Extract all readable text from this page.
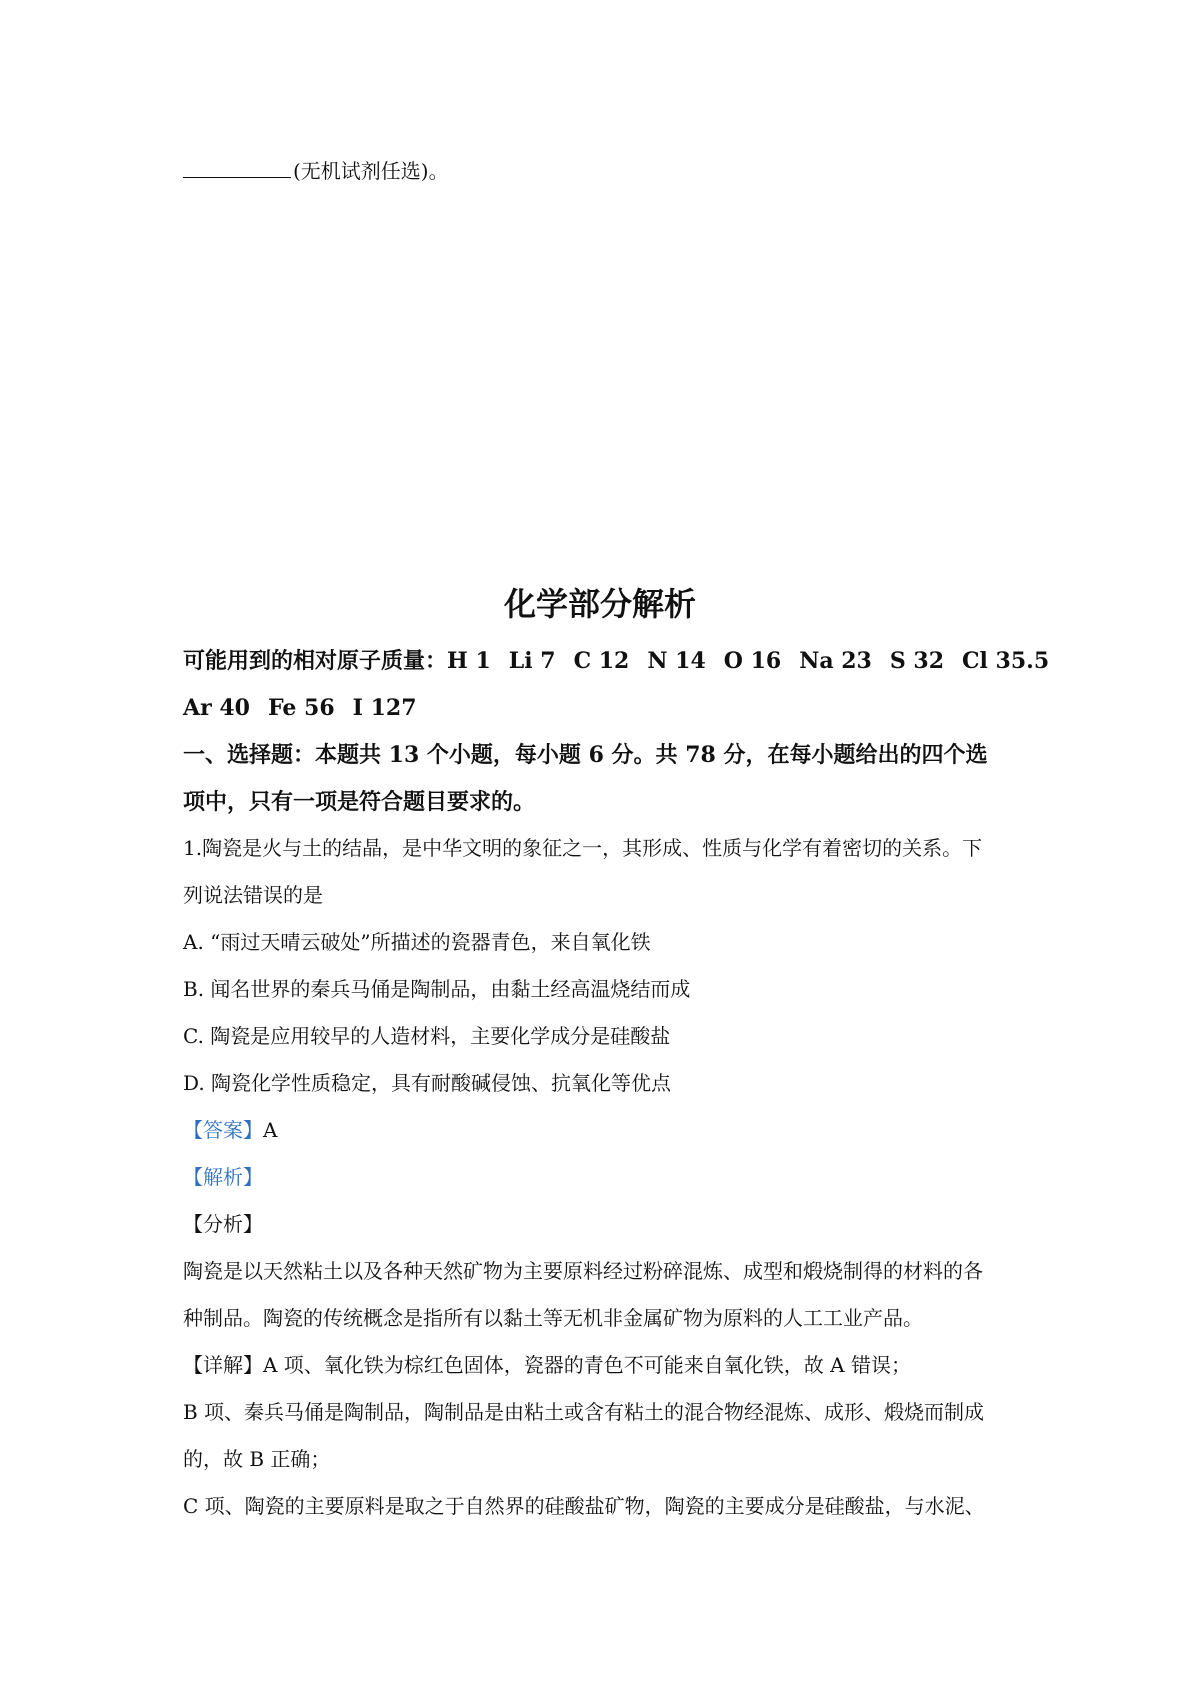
(无机试剂任选)。
化学部分解析
可能用到的相对原子质量：H 1 Li 7 C 12 N 14 O 16 Na 23 S 32 Cl 35.5
Ar 40 Fe 56 I 127
一、选择题：本题共 13 个小题，每小题 6 分。共 78 分，在每小题给出的四个选
项中，只有一项是符合题目要求的。
1.陶瓷是火与土的结晶，是中华文明的象征之一，其形成、性质与化学有着密切的关系。下
列说法错误的是
A. “雨过天晴云破处”所描述的瓷器青色，来自氧化铁
B. 闻名世界的秦兵马俑是陶制品，由黏土经高温烧结而成
C. 陶瓷是应用较早的人造材料，主要化学成分是硅酸盐
D. 陶瓷化学性质稳定，具有耐酸碱侵蚀、抗氧化等优点
【答案】A
【解析】
【分析】
陶瓷是以天然粘土以及各种天然矿物为主要原料经过粉碎混炼、成型和煅烧制得的材料的各
种制品。陶瓷的传统概念是指所有以黏土等无机非金属矿物为原料的人工工业产品。
【详解】A 项、氧化铁为棕红色固体，瓷器的青色不可能来自氧化铁，故 A 错误；
B 项、秦兵马俑是陶制品，陶制品是由粘土或含有粘土的混合物经混炼、成形、煅烧而制成
的，故 B 正确；
C 项、陶瓷的主要原料是取之于自然界的硅酸盐矿物，陶瓷的主要成分是硅酸盐，与水泥、
